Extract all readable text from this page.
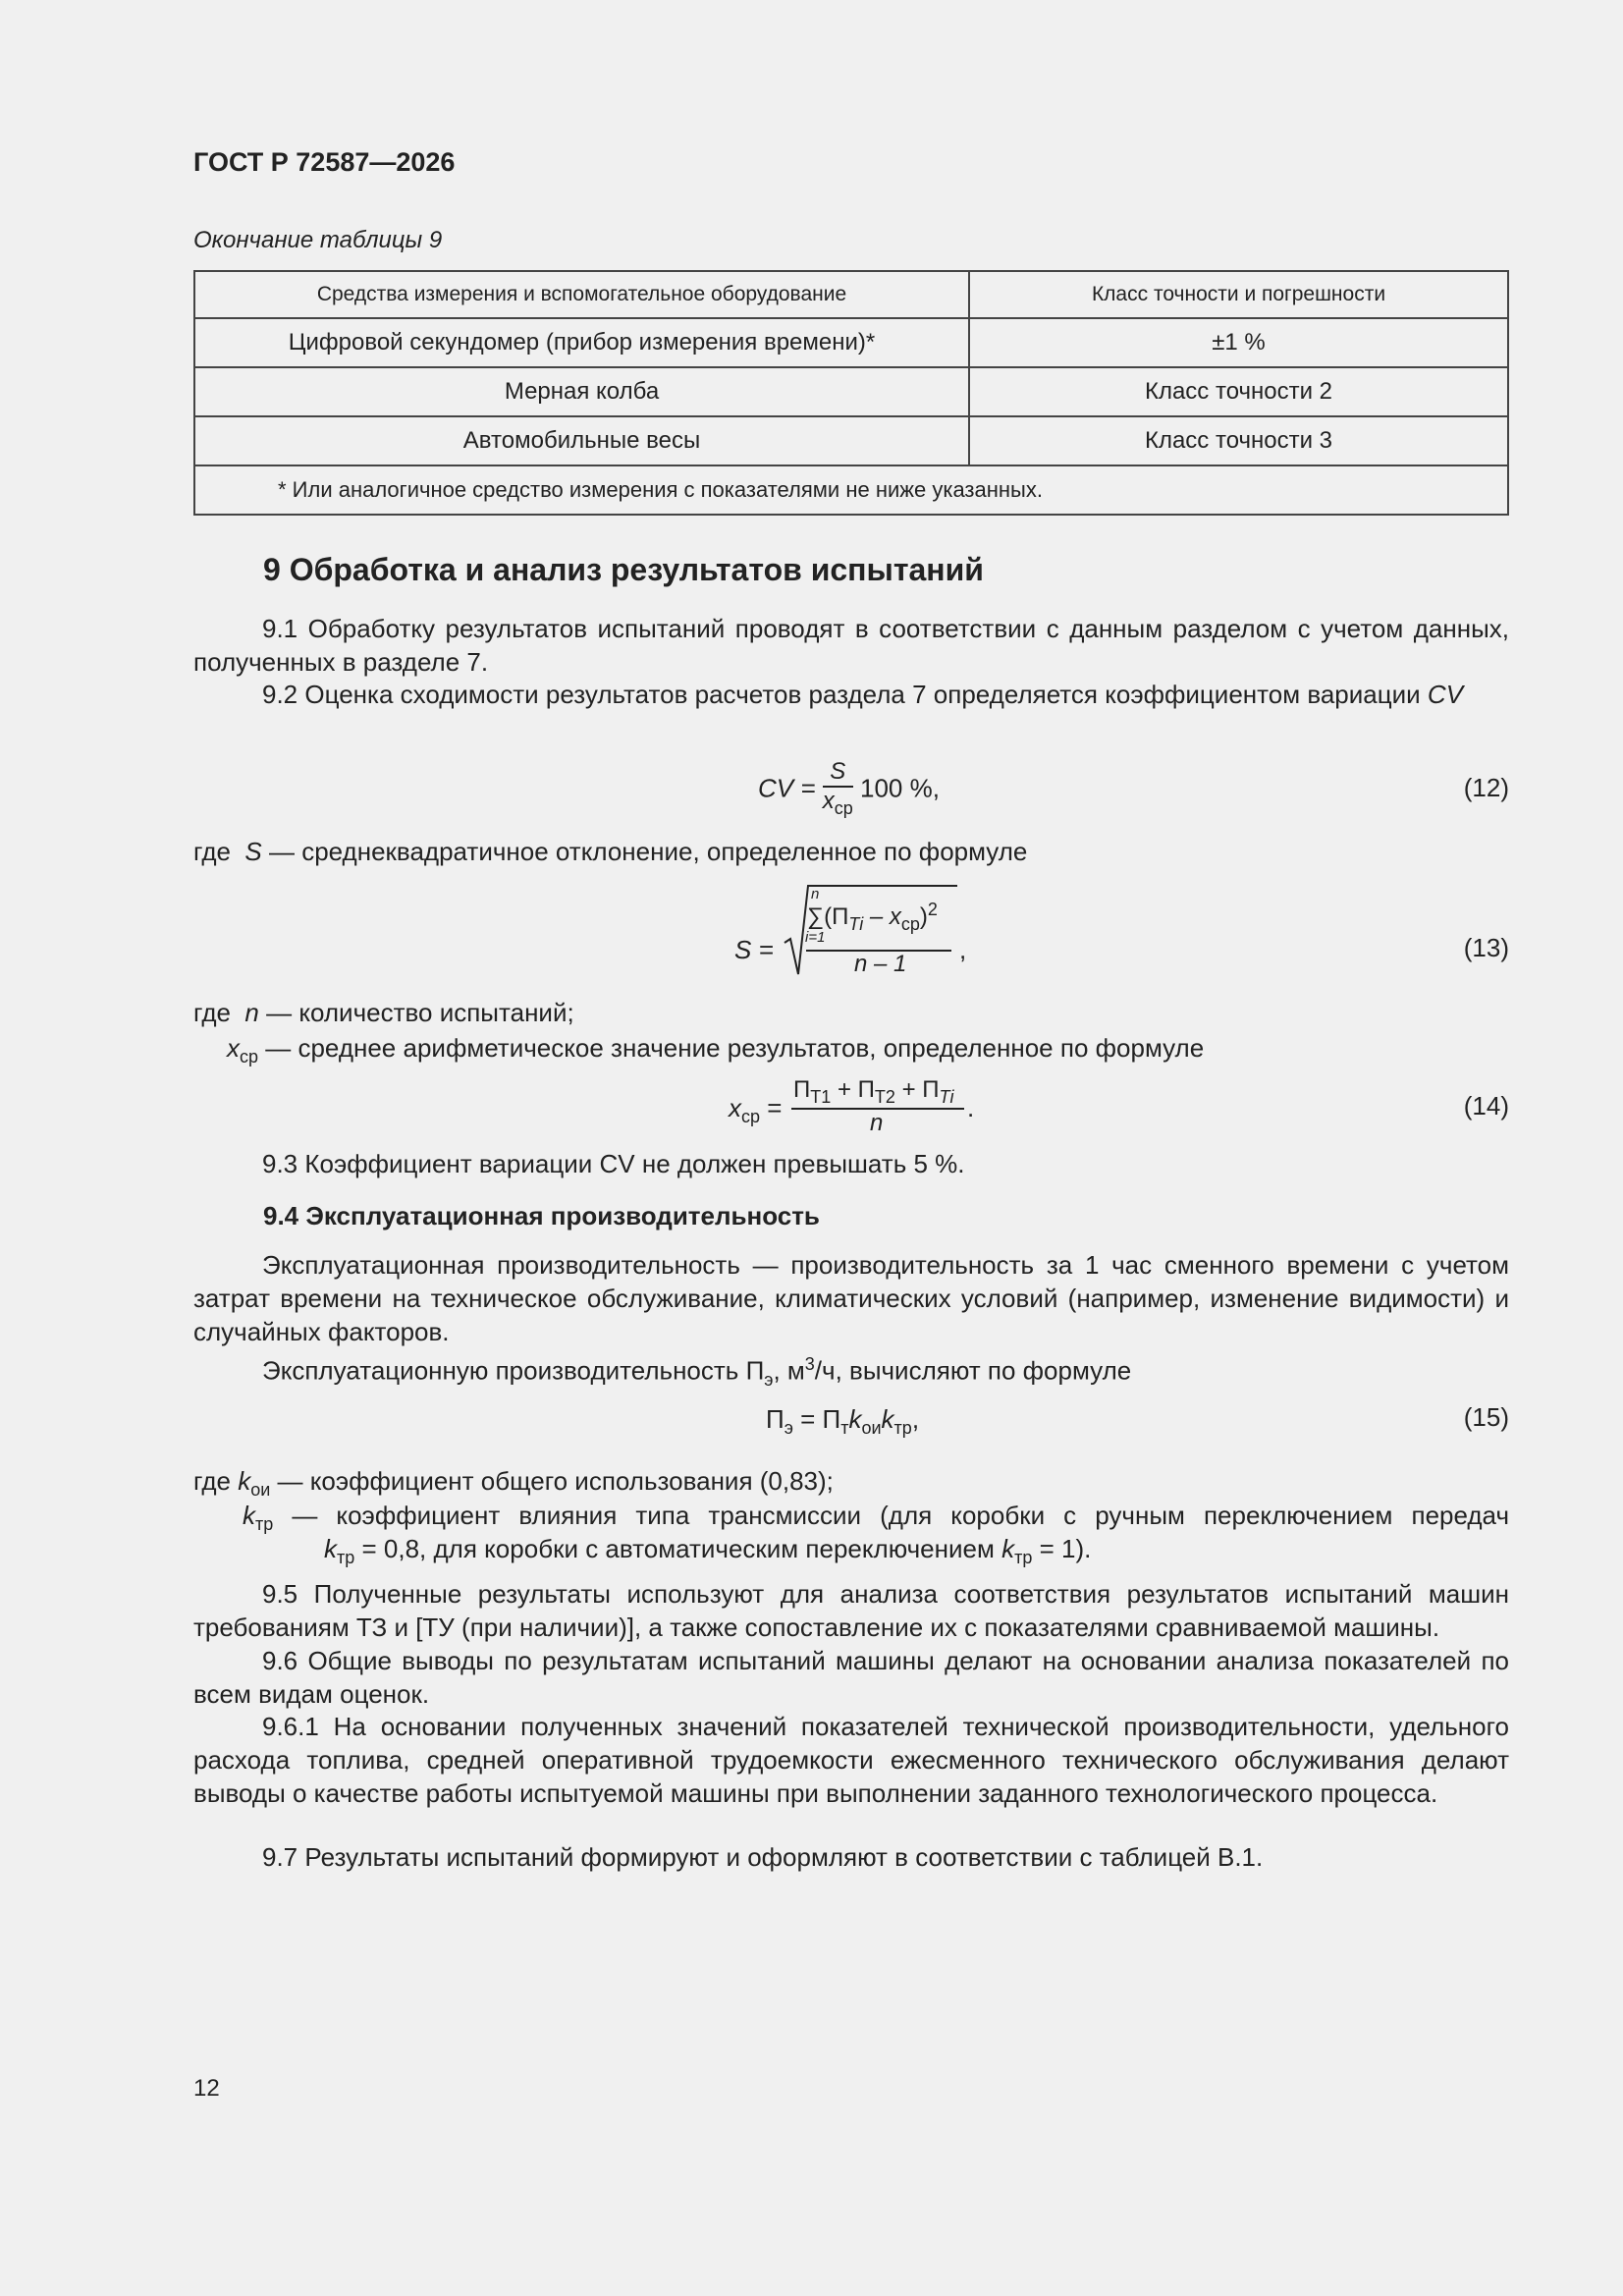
ГОСТ Р 72587—2026
Окончание таблицы 9
Средства измерения и вспомогательное оборудование	Класс точности и погрешности
Цифровой секундомер (прибор измерения времени)*	±1 %
Мерная колба	Класс точности 2
Автомобильные весы	Класс точности 3
* Или аналогичное средство измерения с показателями не ниже указанных.	
9 Обработка и анализ результатов испытаний
9.1 Обработку результатов испытаний проводят в соответствии с данным разделом с учетом данных, полученных в разделе 7.
9.2 Оценка сходимости результатов расчетов раздела 7 определяется коэффициентом вариации CV
CV = $\frac{S}{x_{ср}} 100$ %,	(12)
где S — среднеквадратичное отклонение, определенное по формуле
S =
n
i=1
$\sum(П_{Ti} - x_{ср})^2$
n – 1 ,	(13)
где n — количество испытаний;
$x_{ср}$ — среднее арифметическое значение результатов, определенное по формуле
$x_{ср}$ =
$П_{Т1} + П_{Т2} + П_{Тi}$
n
.	(14)
9.3 Коэффициент вариации CV не должен превышать 5 %.
9.4 Эксплуатационная производительность
Эксплуатационная производительность — производительность за 1 час сменного времени с учетом затрат времени на техническое обслуживание, климатических условий (например, изменение видимости) и случайных факторов.
Эксплуатационную производительность $П_э$, $м^3/ч$, вычисляют по формуле
$П_э = П_тk_{ои}k_{тр}$,	(15)
где $k_{ои}$ — коэффициент общего использования (0,83);
$k_{тр}$ — коэффициент влияния типа трансмиссии (для коробки с ручным переключением передач
$k_{тр} = 0,8$, для коробки с автоматическим переключением $k_{тр} = 1$).
9.5 Полученные результаты используют для анализа соответствия результатов испытаний машин требованиям ТЗ и [ТУ (при наличии)], а также сопоставление их с показателями сравниваемой машины.
9.6 Общие выводы по результатам испытаний машины делают на основании анализа показателей по всем видам оценок.
9.6.1 На основании полученных значений показателей технической производительности, удельного расхода топлива, средней оперативной трудоемкости ежесменного технического обслуживания делают выводы о качестве работы испытуемой машины при выполнении заданного технологического процесса.
9.7 Результаты испытаний формируют и оформляют в соответствии с таблицей В.1.
12
